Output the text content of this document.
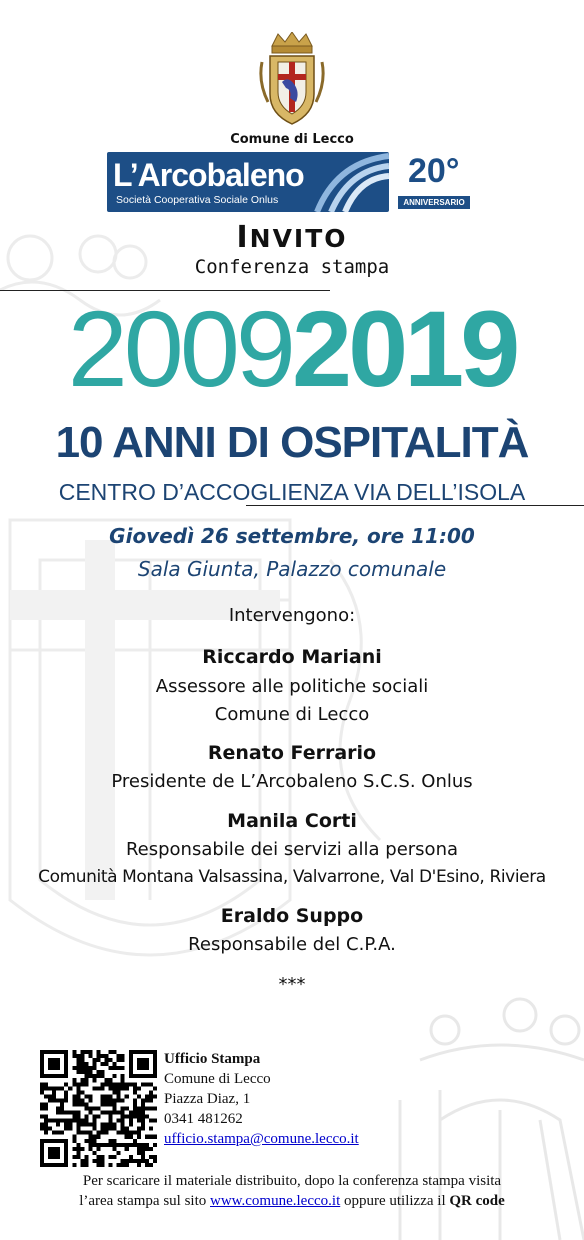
Comune di Lecco
L’Arcobaleno
Società Cooperativa Sociale Onlus
20°
ANNIVERSARIO
INVITO
Conferenza stampa
20092019
10 ANNI DI OSPITALITÀ
CENTRO D’ACCOGLIENZA VIA DELL’ISOLA
Giovedì 26 settembre, ore 11:00
Sala Giunta, Palazzo comunale
Intervengono:
Riccardo Mariani
Assessore alle politiche sociali
Comune di Lecco
Renato Ferrario
Presidente de L’Arcobaleno S.C.S. Onlus
Manila Corti
Responsabile dei servizi alla persona
Comunità Montana Valsassina, Valvarrone, Val D'Esino, Riviera
Eraldo Suppo
Responsabile del C.P.A.
***
Ufficio Stampa
Comune di Lecco
Piazza Diaz, 1
0341 481262
ufficio.stampa@comune.lecco.it
Per scaricare il materiale distribuito, dopo la conferenza stampa visita
l’area stampa sul sito www.comune.lecco.it oppure utilizza il QR code
